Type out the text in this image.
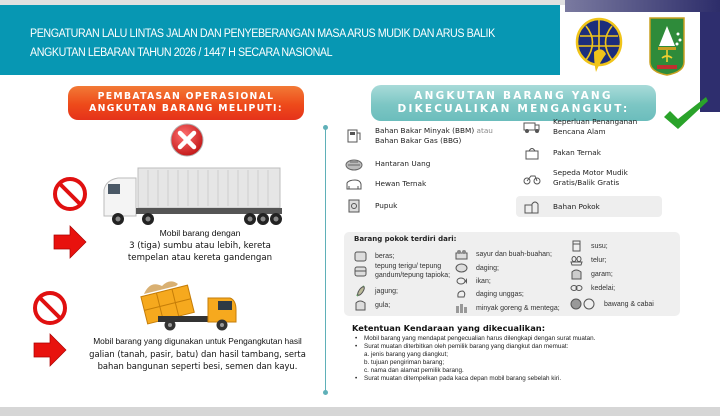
PENGATURAN LALU LINTAS JALAN DAN PENYEBERANGAN MASA ARUS MUDIK DAN ARUS BALIK
ANGKUTAN LEBARAN TAHUN 2026 / 1447 H SECARA NASIONAL
PEMBATASAN OPERASIONAL
ANGKUTAN BARANG MELIPUTI:
Mobil barang dengan
3 (tiga) sumbu atau lebih, kereta
tempelan atau kereta gandengan
Mobil barang yang digunakan untuk Pengangkutan hasil
galian (tanah, pasir, batu) dan hasil tambang, serta
bahan bangunan seperti besi, semen dan kayu.
ANGKUTAN BARANG YANG
DIKECUALIKAN MENGANGKUT:
Bahan Bakar Minyak (BBM) atau
Bahan Bakar Gas (BBG)
Hantaran Uang
Hewan Ternak
Pupuk
Keperluan Penanganan
Bencana Alam
Pakan Ternak
Sepeda Motor Mudik
Gratis/Balik Gratis
Bahan Pokok
Barang pokok terdiri dari:
beras;
tepung terigu/ tepung
gandum/tepung tapioka;
jagung;
gula;
sayur dan buah-buahan;
daging;
ikan;
daging unggas;
minyak goreng & mentega;
susu;
telur;
garam;
kedelai;
bawang & cabai
Ketentuan Kendaraan yang dikecualikan:
• Mobil barang yang mendapat pengecualian harus dilengkapi dengan surat muatan.
• Surat muatan diterbitkan oleh pemilik barang yang diangkut dan memuat:
a. jenis barang yang diangkut;
b. tujuan pengiriman barang;
c. nama dan alamat pemilik barang.
• Surat muatan ditempelkan pada kaca depan mobil barang sebelah kiri.
